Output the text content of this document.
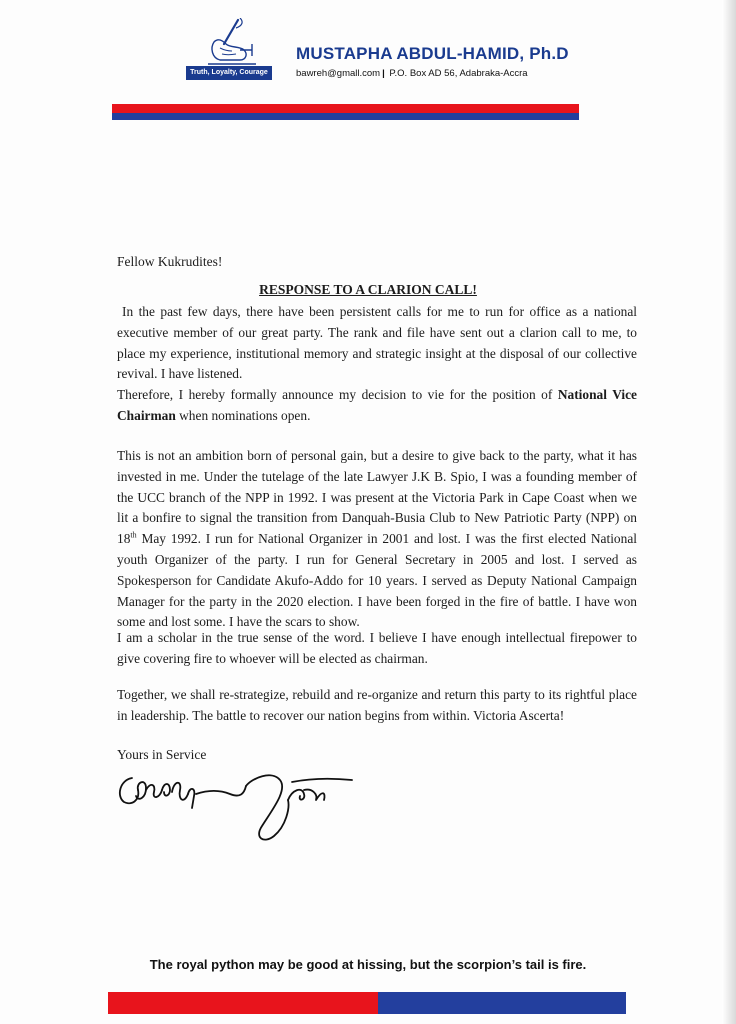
Truth, Loyalty, Courage
MUSTAPHA ABDUL-HAMID, Ph.D
bawreh@gmall.com | P.O. Box AD 56, Adabraka-Accra
Fellow Kukrudites!
RESPONSE TO A CLARION CALL!

In the past few days, there have been persistent calls for me to run for office as a national executive member of our great party. The rank and file have sent out a clarion call to me, to place my experience, institutional memory and strategic insight at the disposal of our collective revival. I have listened.

Therefore, I hereby formally announce my decision to vie for the position of National Vice Chairman when nominations open.

This is not an ambition born of personal gain, but a desire to give back to the party, what it has invested in me. Under the tutelage of the late Lawyer J.K B. Spio, I was a founding member of the UCC branch of the NPP in 1992. I was present at the Victoria Park in Cape Coast when we lit a bonfire to signal the transition from Danquah-Busia Club to New Patriotic Party (NPP) on 18th May 1992. I run for National Organizer in 2001 and lost. I was the first elected National youth Organizer of the party. I run for General Secretary in 2005 and lost. I served as Spokesperson for Candidate Akufo-Addo for 10 years. I served as Deputy National Campaign Manager for the party in the 2020 election. I have been forged in the fire of battle. I have won some and lost some. I have the scars to show.

I am a scholar in the true sense of the word. I believe I have enough intellectual firepower to give covering fire to whoever will be elected as chairman.

Together, we shall re-strategize, rebuild and re-organize and return this party to its rightful place in leadership. The battle to recover our nation begins from within. Victoria Ascerta!

Yours in Service
The royal python may be good at hissing, but the scorpion’s tail is fire.
